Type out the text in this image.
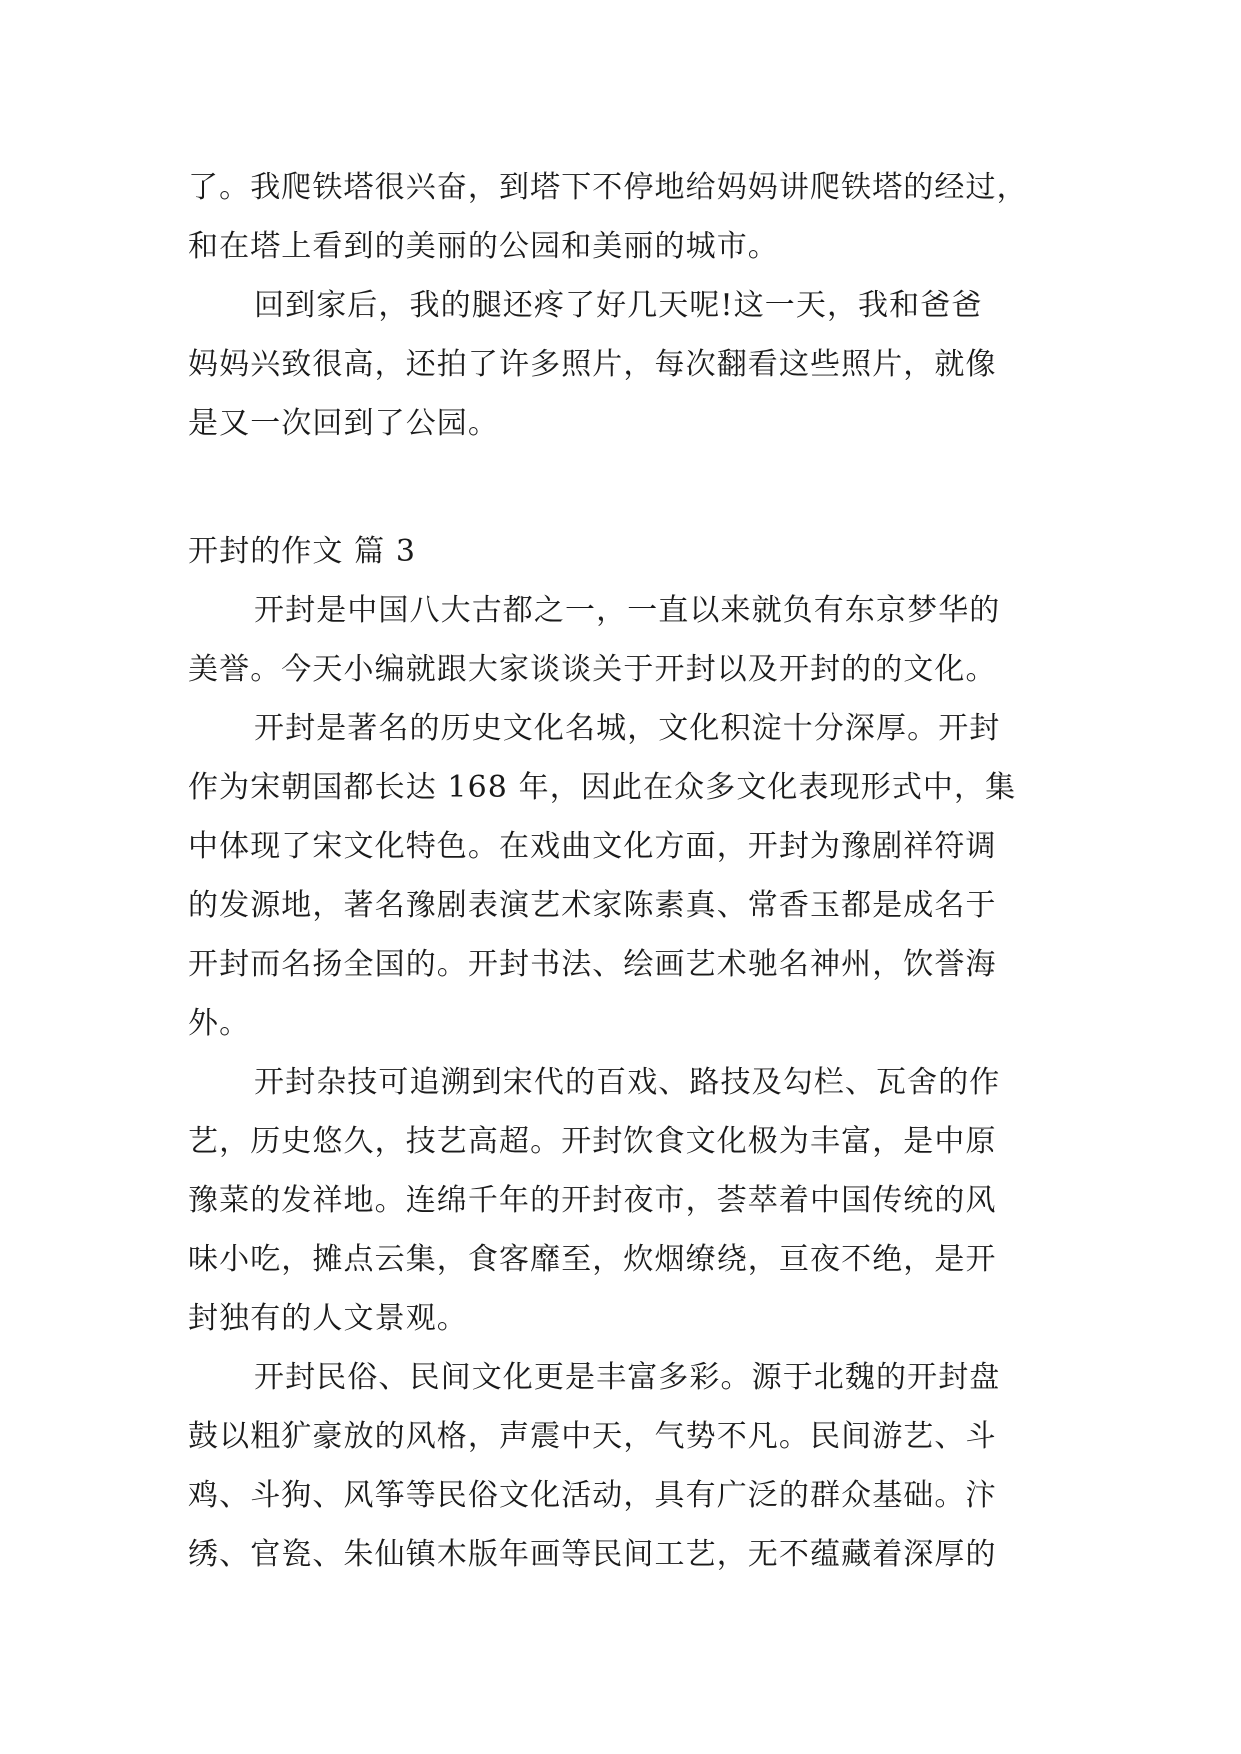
了。我爬铁塔很兴奋，到塔下不停地给妈妈讲爬铁塔的经过，

和在塔上看到的美丽的公园和美丽的城市。

回到家后，我的腿还疼了好几天呢!这一天，我和爸爸

妈妈兴致很高，还拍了许多照片，每次翻看这些照片，就像

是又一次回到了公园。

开封的作文 篇 3

开封是中国八大古都之一，一直以来就负有东京梦华的

美誉。今天小编就跟大家谈谈关于开封以及开封的的文化。

开封是著名的历史文化名城，文化积淀十分深厚。开封

作为宋朝国都长达 168 年，因此在众多文化表现形式中，集

中体现了宋文化特色。在戏曲文化方面，开封为豫剧祥符调

的发源地，著名豫剧表演艺术家陈素真、常香玉都是成名于

开封而名扬全国的。开封书法、绘画艺术驰名神州，饮誉海

外。

开封杂技可追溯到宋代的百戏、路技及勾栏、瓦舍的作

艺，历史悠久，技艺高超。开封饮食文化极为丰富，是中原

豫菜的发祥地。连绵千年的开封夜市，荟萃着中国传统的风

味小吃，摊点云集，食客靡至，炊烟缭绕，亘夜不绝，是开

封独有的人文景观。

开封民俗、民间文化更是丰富多彩。源于北魏的开封盘

鼓以粗犷豪放的风格，声震中天，气势不凡。民间游艺、斗

鸡、斗狗、风筝等民俗文化活动，具有广泛的群众基础。汴

绣、官瓷、朱仙镇木版年画等民间工艺，无不蕴藏着深厚的
